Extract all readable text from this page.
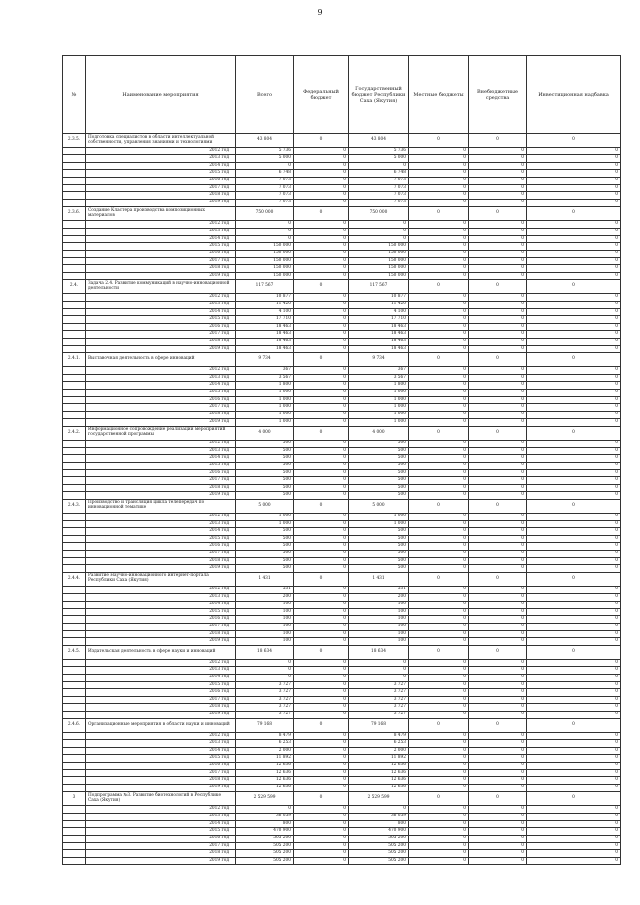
9
№	Наименование мероприятия	Всего	Федеральный бюджет	Государственный бюджет Республики Саха (Якутия)	Местные бюджеты	Внебюджетные средства	Инвестиционная надбавка
2.3.5.	Подготовка специалистов в области интеллектуальной собственности, управления знаниями и технологиями	43 804	0	43 804	0	0	0
	2012 год	5 736	0	5 736	0	0	0
	2013 год	5 000	0	5 000	0	0	0
	2014 год	0	0	0	0	0	0
	2015 год	6 748	0	6 748	0	0	0
	2016 год	7 073	0	7 073	0	0	0
	2017 год	7 073	0	7 073	0	0	0
	2018 год	7 073	0	7 073	0	0	0
	2019 год	7 073	0	7 073	0	0	0
2.3.6.	Создание Кластера производства композиционных материалов	750 000	0	750 000	0	0	0
	2012 год	0	0	0	0	0	0
	2013 год	0	0	0	0	0	0
	2014 год	0	0	0	0	0	0
	2015 год	150 000	0	150 000	0	0	0
	2016 год	150 000	0	150 000	0	0	0
	2017 год	150 000	0	150 000	0	0	0
	2018 год	150 000	0	150 000	0	0	0
	2019 год	150 000	0	150 000	0	0	0
2.4.	Задача 2.4. Развитие коммуникаций в научно-инновационной деятельности	117 567	0	117 567	0	0	0
	2012 год	10 877	0	10 877	0	0	0
	2013 год	11 420	0	11 420	0	0	0
	2014 год	4 100	0	4 100	0	0	0
	2015 год	17 710	0	17 710	0	0	0
	2016 год	18 463	0	18 463	0	0	0
	2017 год	18 463	0	18 463	0	0	0
	2018 год	18 463	0	18 463	0	0	0
	2019 год	18 463	0	18 463	0	0	0
2.4.1.	Выставочная деятельность в сфере инноваций	9 734	0	9 734	0	0	0
	2012 год	367	0	367	0	0	0
	2013 год	3 567	0	3 567	0	0	0
	2014 год	1 800	0	1 800	0	0	0
	2015 год	1 000	0	1 000	0	0	0
	2016 год	1 000	0	1 000	0	0	0
	2017 год	1 000	0	1 000	0	0	0
	2018 год	1 000	0	1 000	0	0	0
	2019 год	1 000	0	1 000	0	0	0
2.4.2.	Информационное сопровождение реализации мероприятий государственной программы	4 000	0	4 000	0	0	0
	2012 год	500	0	500	0	0	0
	2013 год	500	0	500	0	0	0
	2014 год	500	0	500	0	0	0
	2015 год	500	0	500	0	0	0
	2016 год	500	0	500	0	0	0
	2017 год	500	0	500	0	0	0
	2018 год	500	0	500	0	0	0
	2019 год	500	0	500	0	0	0
2.4.3.	Производство и трансляция цикла телепередач по инновационной тематике	5 000	0	5 000	0	0	0
	2012 год	1 000	0	1 000	0	0	0
	2013 год	1 000	0	1 000	0	0	0
	2014 год	500	0	500	0	0	0
	2015 год	500	0	500	0	0	0
	2016 год	500	0	500	0	0	0
	2017 год	500	0	500	0	0	0
	2018 год	500	0	500	0	0	0
	2019 год	500	0	500	0	0	0
2.4.4.	Развитие Научно-инновационного интернет-портала Республики Саха (Якутия)	1 431	0	1 431	0	0	0
	2012 год	531	0	531	0	0	0
	2013 год	200	0	200	0	0	0
	2014 год	100	0	100	0	0	0
	2015 год	100	0	100	0	0	0
	2016 год	100	0	100	0	0	0
	2017 год	100	0	100	0	0	0
	2018 год	100	0	100	0	0	0
	2019 год	100	0	100	0	0	0
2.4.5.	Издательская деятельность в сфере науки и инноваций	18 634	0	18 634	0	0	0
	2012 год	0	0	0	0	0	0
	2013 год	0	0	0	0	0	0
	2014 год	0	0	0	0	0	0
	2015 год	3 727	0	3 727	0	0	0
	2016 год	3 727	0	3 727	0	0	0
	2017 год	3 727	0	3 727	0	0	0
	2018 год	3 727	0	3 727	0	0	0
	2019 год	3 727	0	3 727	0	0	0
2.4.6.	Организационные мероприятия в области науки и инноваций	79 168	0	79 168	0	0	0
	2012 год	8 479	0	8 479	0	0	0
	2013 год	6 253	0	6 253	0	0	0
	2014 год	2 000	0	2 000	0	0	0
	2015 год	11 892	0	11 892	0	0	0
	2016 год	12 636	0	12 636	0	0	0
	2017 год	12 636	0	12 636	0	0	0
	2018 год	12 636	0	12 636	0	0	0
	2019 год	12 636	0	12 636	0	0	0
3	Подпрограмма №3. Развитие биотехнологий в Республике Саха (Якутия)	2 529 599	0	2 529 599	0	0	0
	2012 год	0	0	0	0	0	0
	2013 год	36 059	0	36 059	0	0	0
	2014 год	800	0	800	0	0	0
	2015 год	470 900	0	470 900	0	0	0
	2016 год	505 200	0	505 200	0	0	0
	2017 год	505 200	0	505 200	0	0	0
	2018 год	505 200	0	505 200	0	0	0
	2019 год	505 200	0	505 200	0	0	0
